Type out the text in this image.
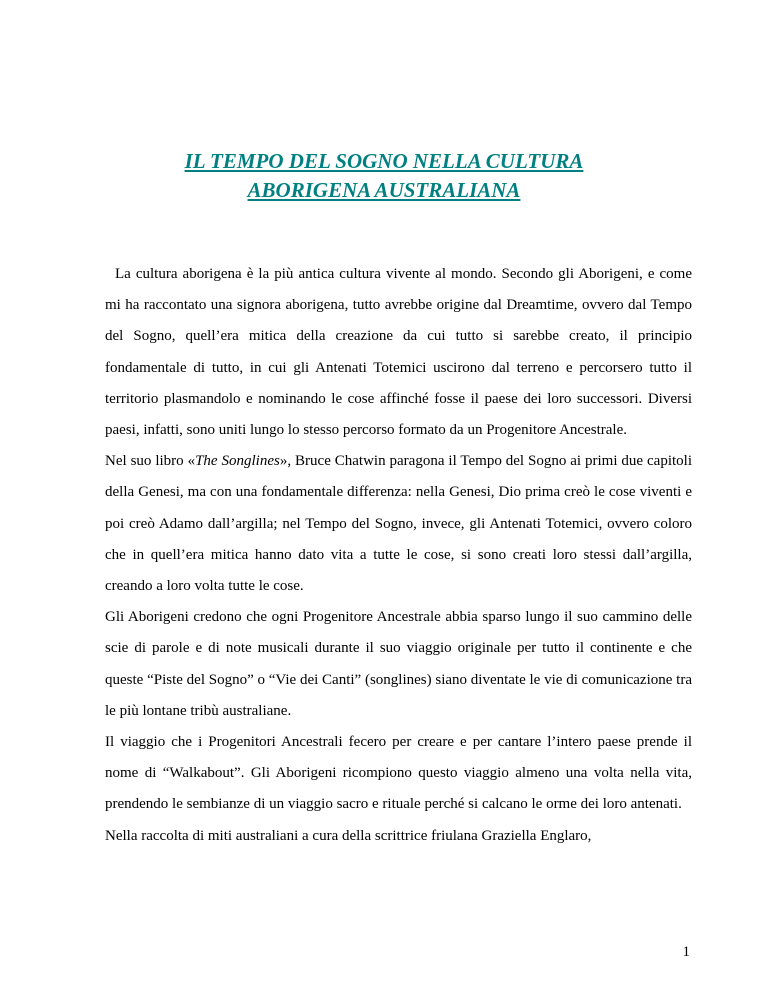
IL TEMPO DEL SOGNO NELLA CULTURA
ABORIGENA AUSTRALIANA

La cultura aborigena è la più antica cultura vivente al mondo. Secondo gli Aborigeni, e come mi ha raccontato una signora aborigena, tutto avrebbe origine dal Dreamtime, ovvero dal Tempo del Sogno, quell’era mitica della creazione da cui tutto si sarebbe creato, il principio fondamentale di tutto, in cui gli Antenati Totemici uscirono dal terreno e percorsero tutto il territorio plasmandolo e nominando le cose affinché fosse il paese dei loro successori. Diversi paesi, infatti, sono uniti lungo lo stesso percorso formato da un Progenitore Ancestrale.

Nel suo libro «The Songlines», Bruce Chatwin paragona il Tempo del Sogno ai primi due capitoli della Genesi, ma con una fondamentale differenza: nella Genesi, Dio prima creò le cose viventi e poi creò Adamo dall’argilla; nel Tempo del Sogno, invece, gli Antenati Totemici, ovvero coloro che in quell’era mitica hanno dato vita a tutte le cose, si sono creati loro stessi dall’argilla, creando a loro volta tutte le cose.

Gli Aborigeni credono che ogni Progenitore Ancestrale abbia sparso lungo il suo cammino delle scie di parole e di note musicali durante il suo viaggio originale per tutto il continente e che queste “Piste del Sogno” o “Vie dei Canti” (songlines) siano diventate le vie di comunicazione tra le più lontane tribù australiane.

Il viaggio che i Progenitori Ancestrali fecero per creare e per cantare l’intero paese prende il nome di “Walkabout”. Gli Aborigeni ricompiono questo viaggio almeno una volta nella vita, prendendo le sembianze di un viaggio sacro e rituale perché si calcano le orme dei loro antenati.

Nella raccolta di miti australiani a cura della scrittrice friulana Graziella Englaro,

1
